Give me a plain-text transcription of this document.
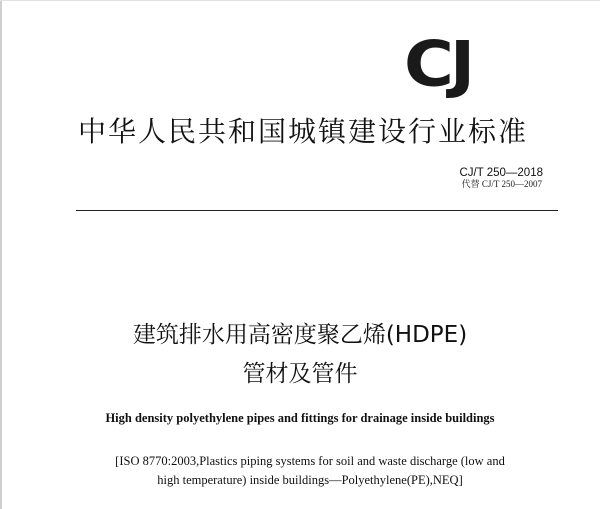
CJ
中华人民共和国城镇建设行业标准
CJ/T 250—2018
代替 CJ/T 250—2007
建筑排水用高密度聚乙烯(HDPE)
管材及管件
High density polyethylene pipes and fittings for drainage inside buildings
[ISO 8770:2003,Plastics piping systems for soil and waste discharge (low and
high temperature) inside buildings—Polyethylene(PE),NEQ]
